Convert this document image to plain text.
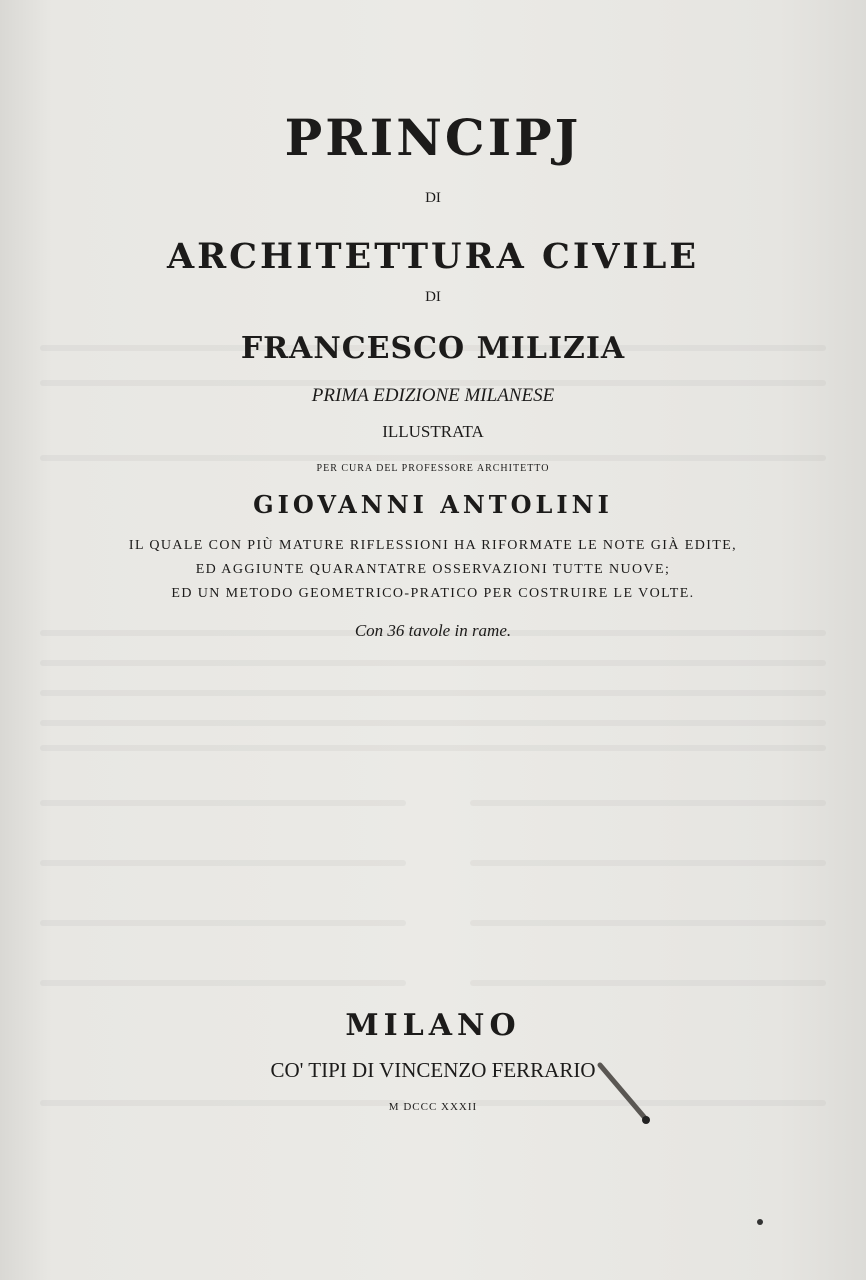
PRINCIPJ
DI
ARCHITETTURA CIVILE
DI
FRANCESCO MILIZIA
PRIMA EDIZIONE MILANESE
ILLUSTRATA
PER CURA DEL PROFESSORE ARCHITETTO
GIOVANNI ANTOLINI
IL QUALE CON PIÙ MATURE RIFLESSIONI HA RIFORMATE LE NOTE GIÀ EDITE,
ED AGGIUNTE QUARANTATRE OSSERVAZIONI TUTTE NUOVE;
ED UN METODO GEOMETRICO-PRATICO PER COSTRUIRE LE VOLTE.
Con 36 tavole in rame.
MILANO
CO' TIPI DI VINCENZO FERRARIO
M DCCC XXXII
